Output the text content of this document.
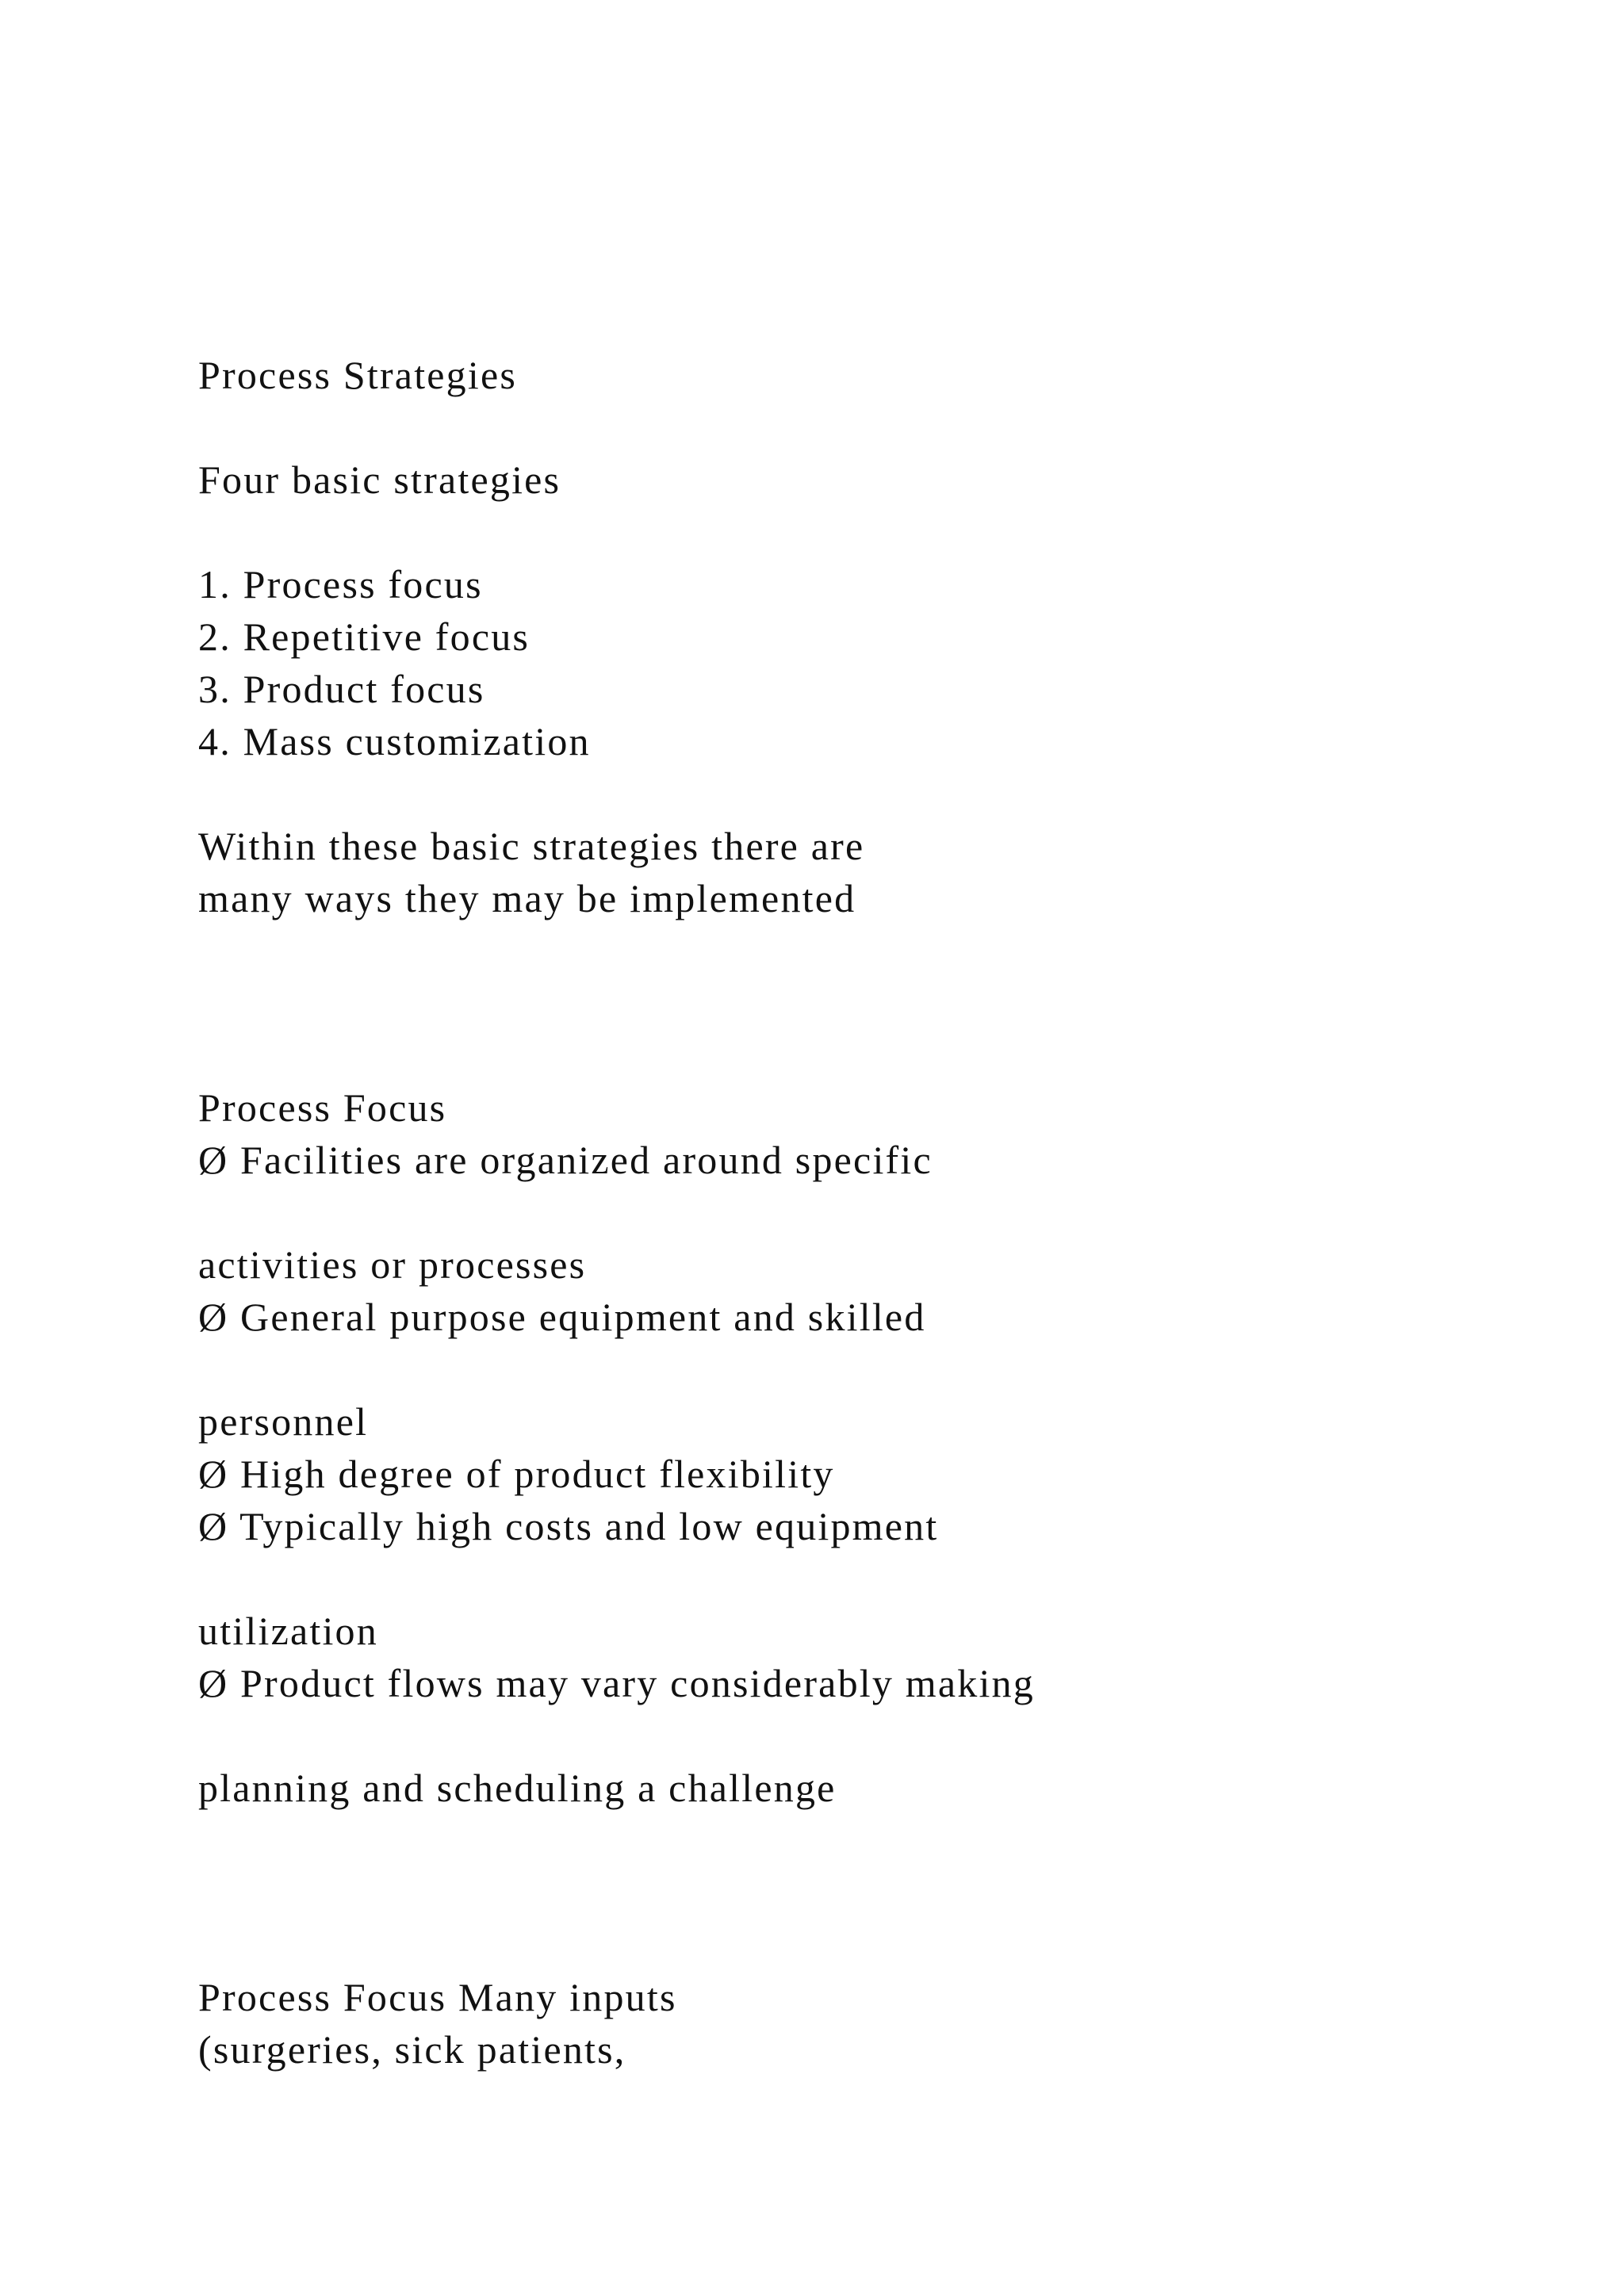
Process Strategies
Four basic strategies
1. Process focus
2. Repetitive focus
3. Product focus
4. Mass customization
Within these basic strategies there are
many ways they may be implemented
Process Focus
Ø Facilities are organized around specific
activities or processes
Ø General purpose equipment and skilled
personnel
Ø High degree of product flexibility
Ø Typically high costs and low equipment
utilization
Ø Product flows may vary considerably making
planning and scheduling a challenge
Process Focus Many inputs
(surgeries, sick patients,
